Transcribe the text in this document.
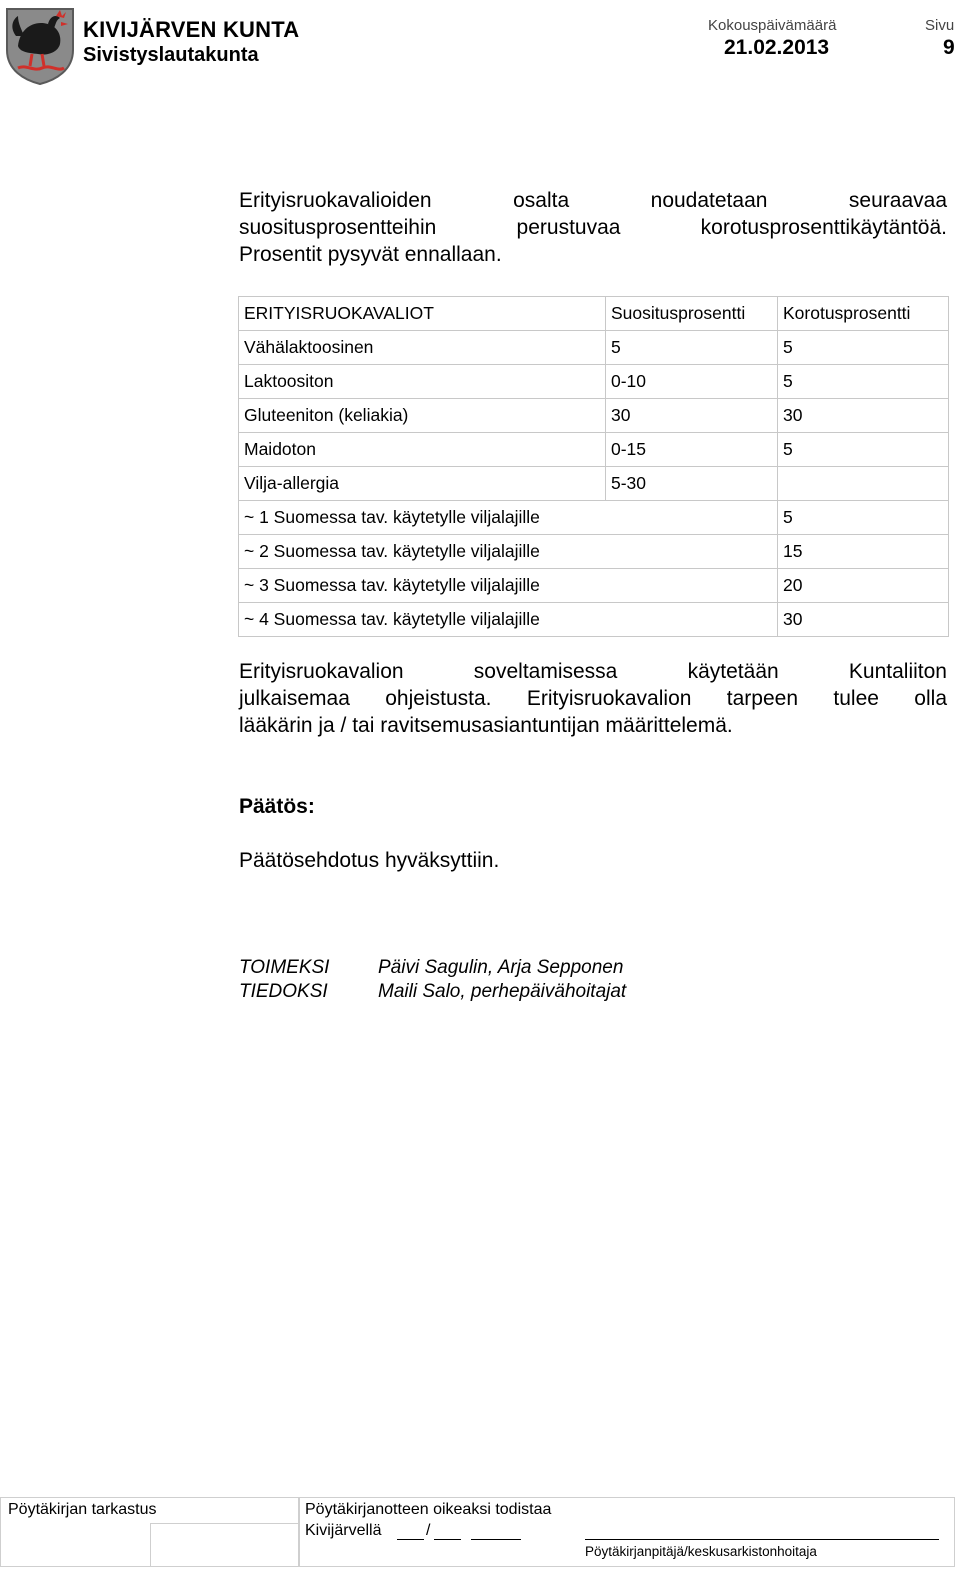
KIVIJÄRVEN KUNTA
Sivistyslautakunta
Kokouspäivämäärä
21.02.2013
Sivu
9
Erityisruokavalioiden osalta noudatetaan seuraavaa
suositusprosentteihin perustuvaa korotusprosenttikäytäntöä.
Prosentit pysyvät ennallaan.
ERITYISRUOKAVALIOT	Suositusprosentti	Korotusprosentti
Vähälaktoosinen	5	5
Laktoositon	0-10	5
Gluteeniton (keliakia)	30	30
Maidoton	0-15	5
Vilja-allergia	5-30	
~ 1 Suomessa tav. käytetylle viljalajille		5
~ 2 Suomessa tav. käytetylle viljalajille		15
~ 3 Suomessa tav. käytetylle viljalajille		20
~ 4 Suomessa tav. käytetylle viljalajille		30
Erityisruokavalion soveltamisessa käytetään Kuntaliiton
julkaisemaa ohjeistusta. Erityisruokavalion tarpeen tulee olla
lääkärin ja / tai ravitsemusasiantuntijan määrittelemä.
Päätös:
Päätösehdotus hyväksyttiin.
TOIMEKSI	Päivi Sagulin, Arja Sepponen
TIEDOKSI	Maili Salo, perhepäivähoitajat
Pöytäkirjan tarkastus	Pöytäkirjanotteen oikeaksi todistaa
Kivijärvellä	/
Pöytäkirjanpitäjä/keskusarkistonhoitaja
